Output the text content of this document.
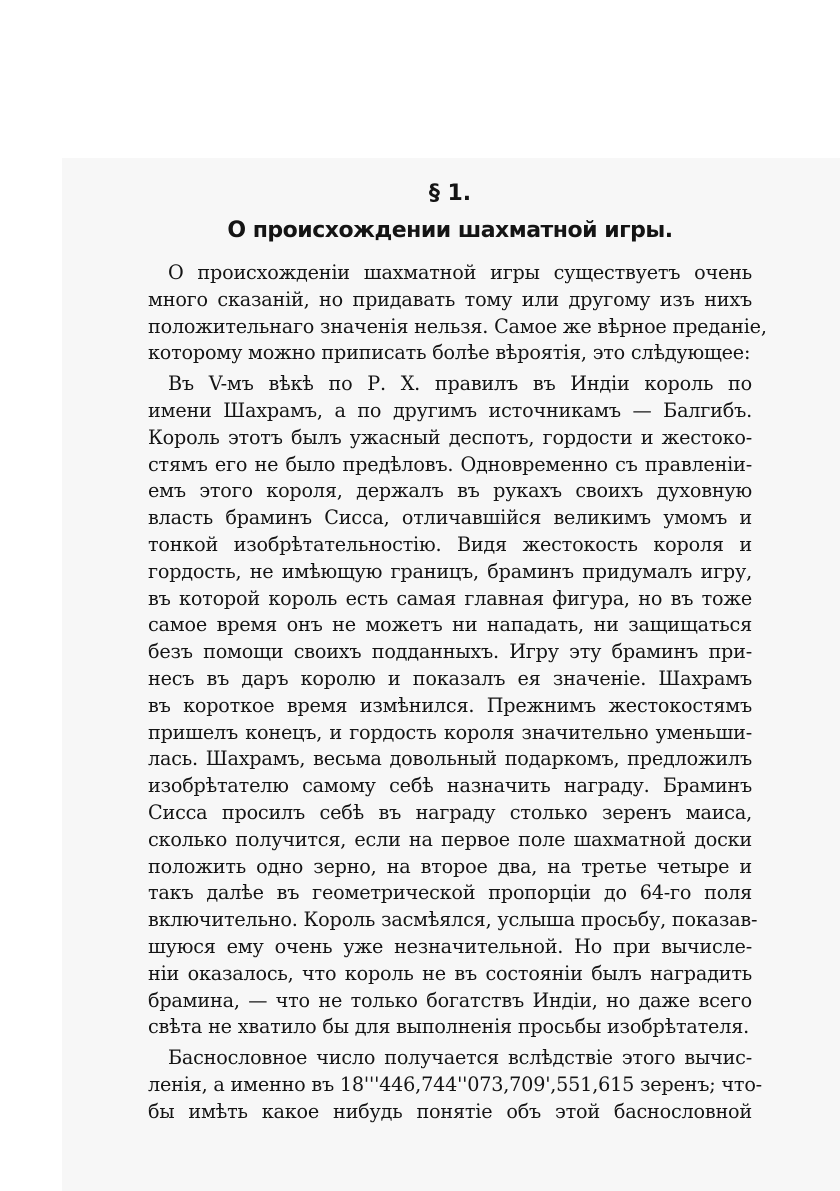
§ 1.
О происхождении шахматной игры.
О происхожденіи шахматной игры существуетъ очень
много сказаній, но придавать тому или другому изъ нихъ
положительнаго значенія нельзя. Самое же вѣрное преданіе,
которому можно приписать болѣе вѣроятія, это слѣдующее:
Въ V-мъ вѣкѣ по Р. Х. правилъ въ Индіи король по
имени Шахрамъ, а по другимъ источникамъ — Балгибъ.
Король этотъ былъ ужасный деспотъ, гордости и жестоко-
стямъ его не было предѣловъ. Одновременно съ правленіи-
емъ этого короля, держалъ въ рукахъ своихъ духовную
власть браминъ Сисса, отличавшійся великимъ умомъ и
тонкой изобрѣтательностію. Видя жестокость короля и
гордость, не имѣющую границъ, браминъ придумалъ игру,
въ которой король есть самая главная фигура, но въ тоже
самое время онъ не можетъ ни нападать, ни защищаться
безъ помощи своихъ подданныхъ. Игру эту браминъ при-
несъ въ даръ королю и показалъ ея значеніе. Шахрамъ
въ короткое время измѣнился. Прежнимъ жестокостямъ
пришелъ конецъ, и гордость короля значительно уменьши-
лась. Шахрамъ, весьма довольный подаркомъ, предложилъ
изобрѣтателю самому себѣ назначить награду. Браминъ
Сисса просилъ себѣ въ награду столько зеренъ маиса,
сколько получится, если на первое поле шахматной доски
положить одно зерно, на второе два, на третье четыре и
такъ далѣе въ геометрической пропорціи до 64-го поля
включительно. Король засмѣялся, услыша просьбу, показав-
шуюся ему очень уже незначительной. Но при вычисле-
ніи оказалось, что король не въ состояніи былъ наградить
брамина, — что не только богатствъ Индіи, но даже всего
свѣта не хватило бы для выполненія просьбы изобрѣтателя.
Баснословное число получается вслѣдствіе этого вычис-
ленія, а именно въ 18'''446,744''073,709',551,615 зеренъ; что-
бы имѣть какое нибудь понятіе объ этой баснословной
